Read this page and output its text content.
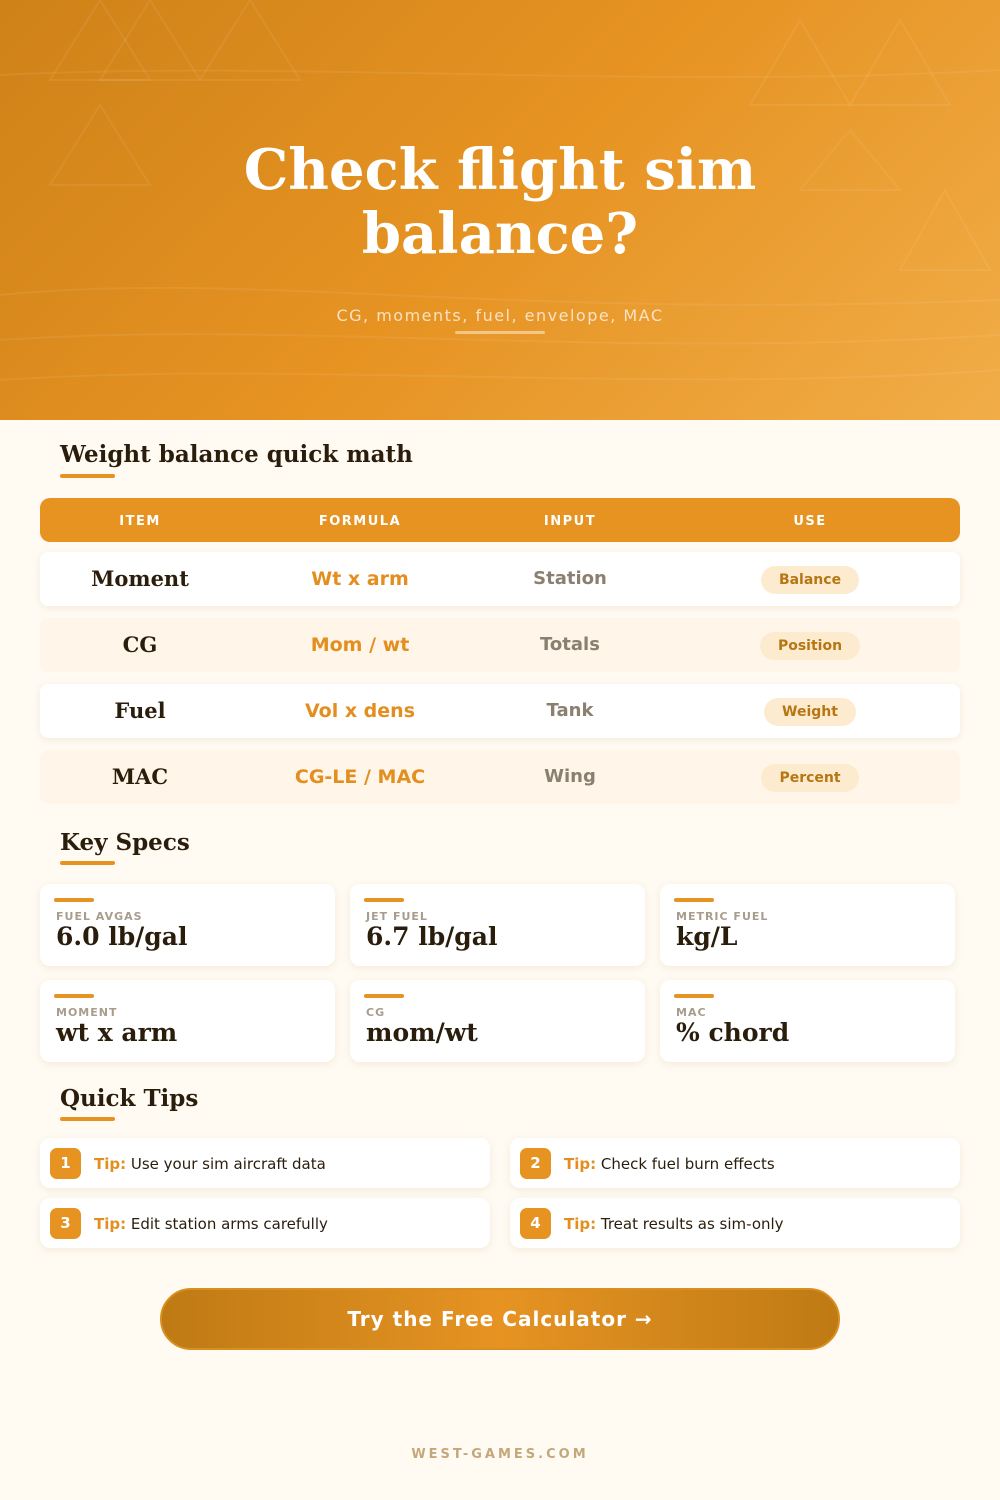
Check flight sim
balance?
CG, moments, fuel, envelope, MAC
Weight balance quick math
ITEM	FORMULA	INPUT	USE
Moment	Wt x arm	Station	Balance
CG	Mom / wt	Totals	Position
Fuel	Vol x dens	Tank	Weight
MAC	CG-LE / MAC	Wing	Percent
Key Specs
FUEL AVGAS
6.0 lb/gal
JET FUEL
6.7 lb/gal
METRIC FUEL
kg/L
MOMENT
wt x arm
CG
mom/wt
MAC
% chord
Quick Tips
1	Tip: Use your sim aircraft data	2	Tip: Check fuel burn effects
3	Tip: Edit station arms carefully	4	Tip: Treat results as sim-only
Try the Free Calculator →
WEST-GAMES.COM
